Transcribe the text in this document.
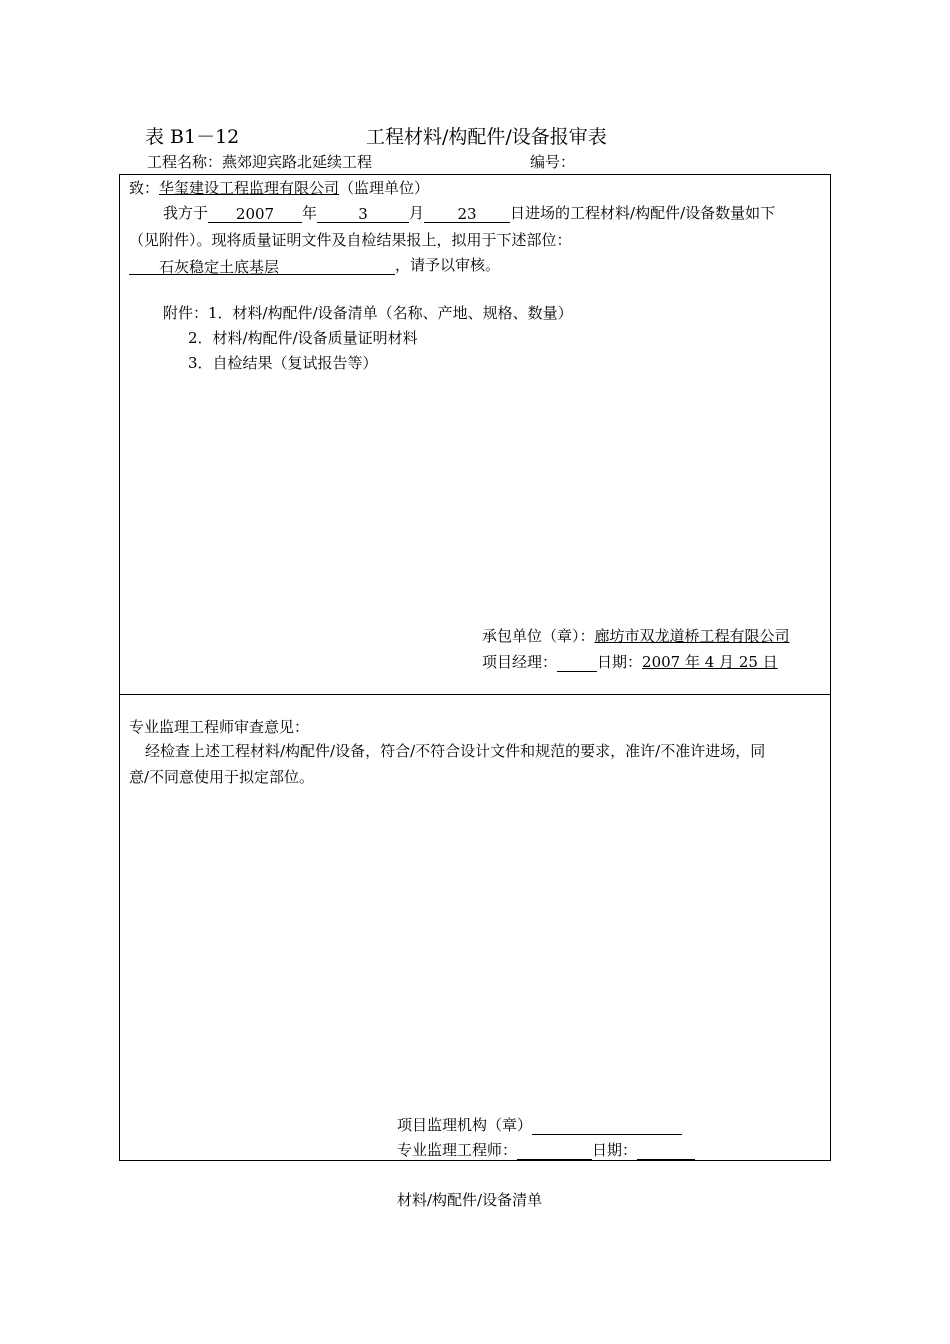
表 B1－12	工程材料/构配件/设备报审表
工程名称：燕郊迎宾路北延续工程	编号：
致：华玺建设工程监理有限公司（监理单位）
我方于 2007 年	3	月 23 日进场的工程材料/构配件/设备数量如下
（见附件）。现将质量证明文件及自检结果报上，拟用于下述部位：
石灰稳定土底基层	，请予以审核。
附件：1．材料/构配件/设备清单（名称、产地、规格、数量）
2．材料/构配件/设备质量证明材料
3．自检结果（复试报告等）
承包单位（章）：廊坊市双龙道桥工程有限公司
项目经理：	日期：2007 年 4 月 25 日
专业监理工程师审查意见：
经检查上述工程材料/构配件/设备，符合/不符合设计文件和规范的要求，准许/不准许进场，同
意/不同意使用于拟定部位。
项目监理机构（章）
专业监理工程师：	日期：
材料/构配件/设备清单
